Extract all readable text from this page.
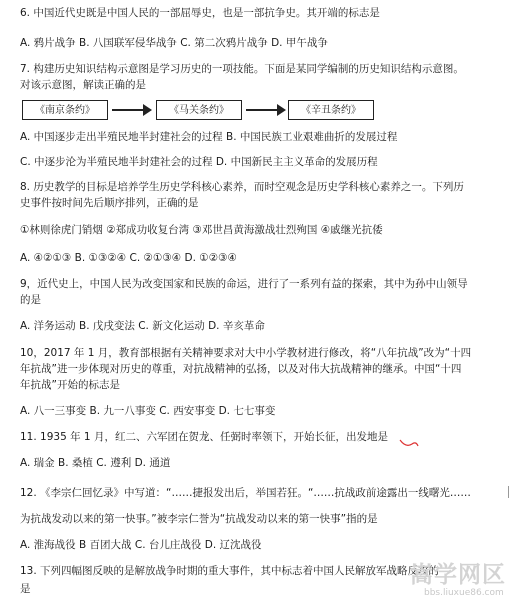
6. 中国近代史既是中国人民的一部屈辱史，也是一部抗争史。其开端的标志是
A. 鸦片战争 B. 八国联军侵华战争 C. 第二次鸦片战争 D. 甲午战争
7. 构建历史知识结构示意图是学习历史的一项技能。下面是某同学编制的历史知识结构示意图。
对该示意图，解读正确的是
《南京条约》	《马关条约》	《辛丑条约》
A. 中国逐步走出半殖民地半封建社会的过程 B. 中国民族工业艰难曲折的发展过程
C. 中逐步沦为半殖民地半封建社会的过程 D. 中国新民主主义革命的发展历程
8. 历史教学的目标是培养学生历史学科核心素养，而时空观念是历史学科核心素养之一。下列历
史事件按时间先后顺序排列，正确的是
①林则徐虎门销烟 ②郑成功收复台湾 ③邓世昌黄海激战壮烈殉国 ④戚继光抗倭
A. ④②①③ B. ①③②④ C. ②①③④ D. ①②③④
9，近代史上，中国人民为改变国家和民族的命运，进行了一系列有益的探索，其中为孙中山领导
的是
A. 洋务运动 B. 戊戌变法 C. 新文化运动 D. 辛亥革命
10，2017 年 1 月，教育部根据有关精神要求对大中小学教材进行修改，将“八年抗战”改为“十四
年抗战”进一步体现对历史的尊重，对抗战精神的弘扬，以及对伟大抗战精神的继承。中国“十四
年抗战”开始的标志是
A. 八一三事变 B. 九一八事变 C. 西安事变 D. 七七事变
11. 1935 年 1 月，红二、六军团在贺龙、任弼时率领下，开始长征，出发地是
A. 瑞金 B. 桑植 C. 遵利 D. 通道
12. 《李宗仁回忆录》中写道：“……捷报发出后，举国若狂。“……抗战政前途露出一线曙光……
为抗战发动以来的第一快事。”被李宗仁誉为“抗战发动以来的第一快事”指的是
A. 淮海战役 B 百团大战 C. 台儿庄战役 D. 辽沈战役
13. 下列四幅图反映的是解放战争时期的重大事件，其中标志着中国人民解放军战略反攻的
是
嵩学网区
bbs.liuxue86.com
